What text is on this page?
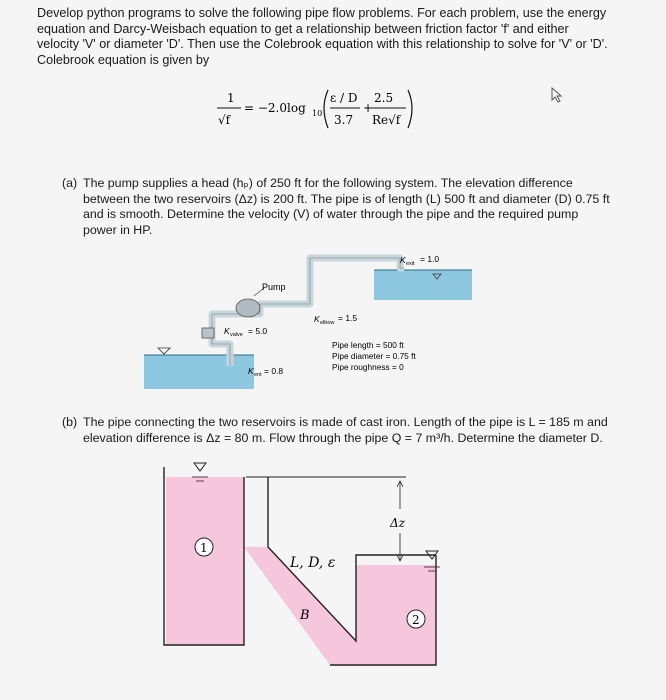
Develop python programs to solve the following pipe flow problems. For each problem, use the energy

equation and Darcy-Weisbach equation to get a relationship between friction factor 'f' and either

velocity 'V' or diameter 'D'. Then use the Colebrook equation with this relationship to solve for 'V' or 'D'.

Colebrook equation is given by

1
√f
= −2.0log 10
ε / D
3.7
+
2.5
Re√f
(a) The pump supplies a head (hₚ) of 250 ft for the following system. The elevation difference
between the two reservoirs (Δz) is 200 ft. The pipe is of length (L) 500 ft and diameter (D) 0.75 ft
and is smooth. Determine the velocity (V) of water through the pipe and the required pump
power in HP.
Pump
K exit = 1.0
K elbow = 1.5
K valve = 5.0
K ent = 0.8
Pipe length = 500 ft
Pipe diameter = 0.75 ft
Pipe roughness = 0
(b) The pipe connecting the two reservoirs is made of cast iron. Length of the pipe is L = 185 m and
elevation difference is Δz = 80 m. Flow through the pipe Q = 7 m³/h. Determine the diameter D.
Δz
L, D, ε
B
1
2
